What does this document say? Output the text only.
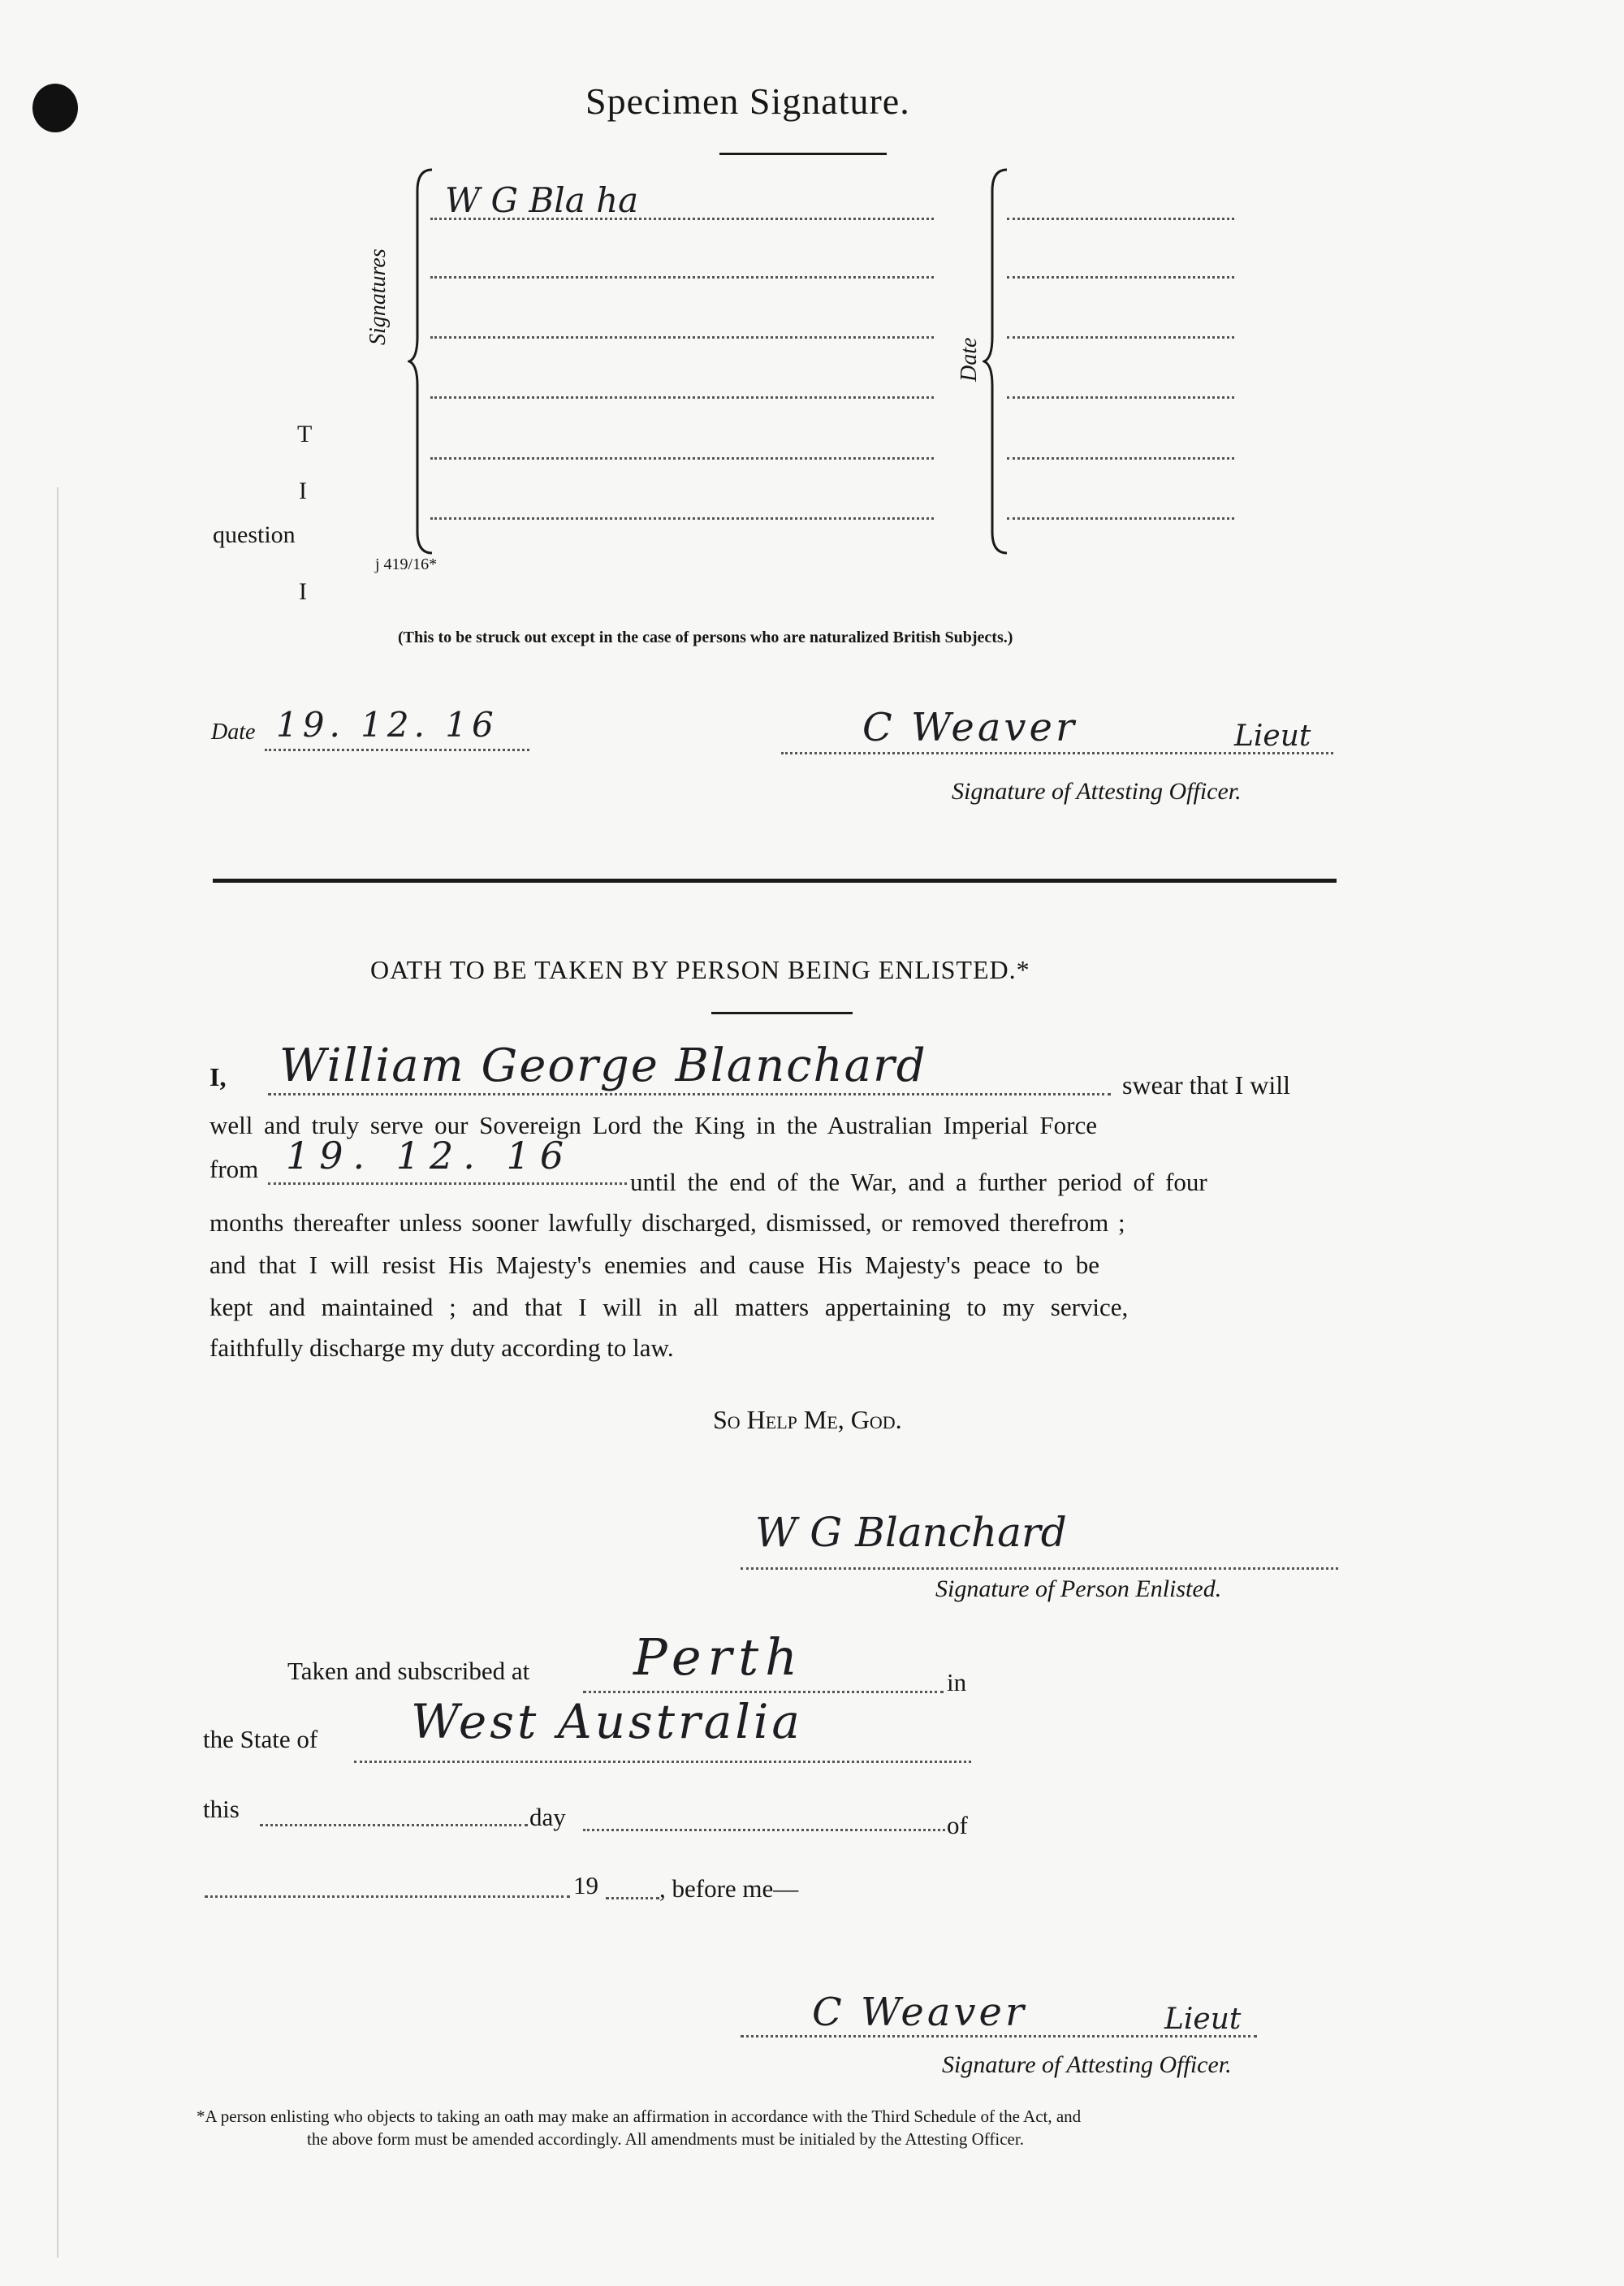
Specimen Signature.
Signatures
W G Bla ha
Date
T
I
question
I
j 419/16*
(This to be struck out except in the case of persons who are naturalized British Subjects.)
Date 19. 12. 16	C Weaver	Lieut
Signature of Attesting Officer.
OATH TO BE TAKEN BY PERSON BEING ENLISTED.*
I, William George Blanchard	swear that I will
well and truly serve our Sovereign Lord the King in the Australian Imperial Force
from 19. 12. 16
until the end of the War, and a further period of four
months thereafter unless sooner lawfully discharged, dismissed, or removed therefrom ;
and that I will resist His Majesty's enemies and cause His Majesty's peace to be
kept and maintained ; and that I will in all matters appertaining to my service,
faithfully discharge my duty according to law.
So Help Me, God.
W G Blanchard
Signature of Person Enlisted.
Taken and subscribed at Perth	in
the State of West Australia
this	day	of
19 , before me—
C Weaver	Lieut
Signature of Attesting Officer.
*A person enlisting who objects to taking an oath may make an affirmation in accordance with the Third Schedule of the Act, and
the above form must be amended accordingly. All amendments must be initialed by the Attesting Officer.
